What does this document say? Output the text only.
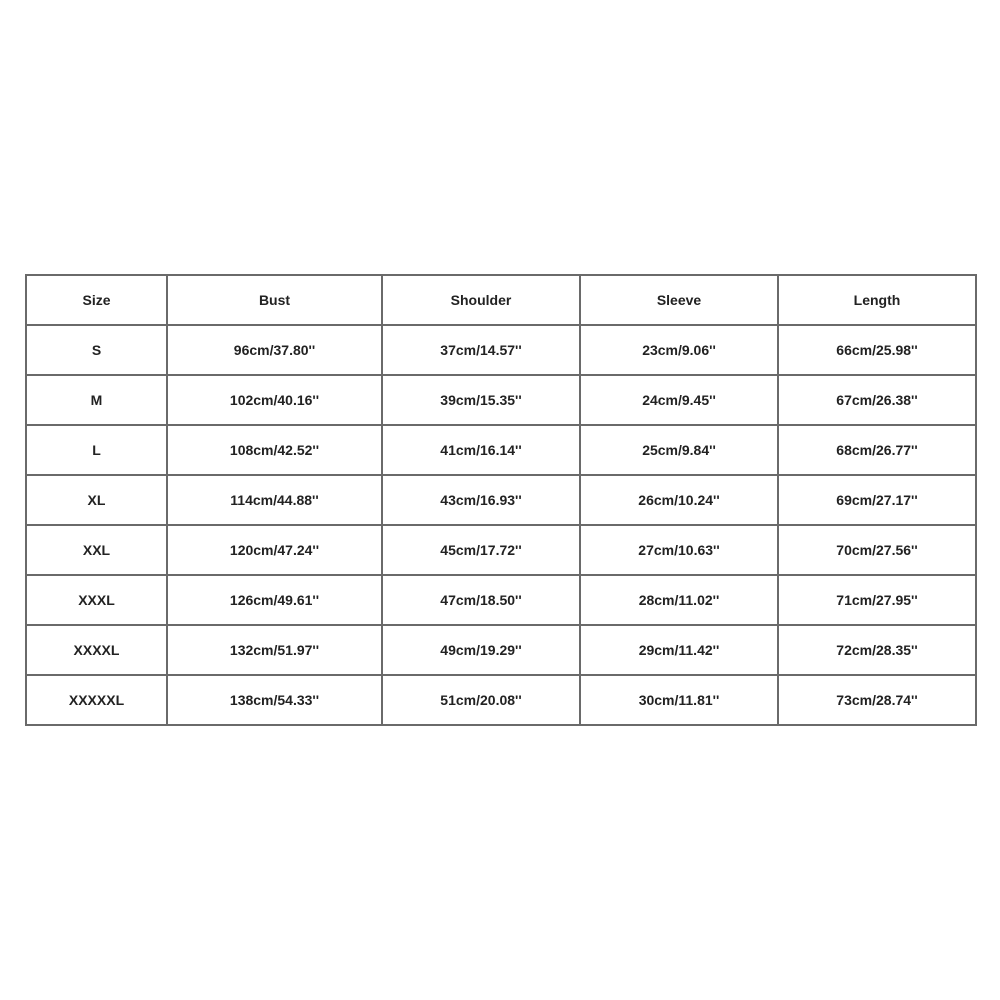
Size	Bust	Shoulder	Sleeve	Length
S	96cm/37.80''	37cm/14.57''	23cm/9.06''	66cm/25.98''
M	102cm/40.16''	39cm/15.35''	24cm/9.45''	67cm/26.38''
L	108cm/42.52''	41cm/16.14''	25cm/9.84''	68cm/26.77''
XL	114cm/44.88''	43cm/16.93''	26cm/10.24''	69cm/27.17''
XXL	120cm/47.24''	45cm/17.72''	27cm/10.63''	70cm/27.56''
XXXL	126cm/49.61''	47cm/18.50''	28cm/11.02''	71cm/27.95''
XXXXL	132cm/51.97''	49cm/19.29''	29cm/11.42''	72cm/28.35''
XXXXXL	138cm/54.33''	51cm/20.08''	30cm/11.81''	73cm/28.74''
